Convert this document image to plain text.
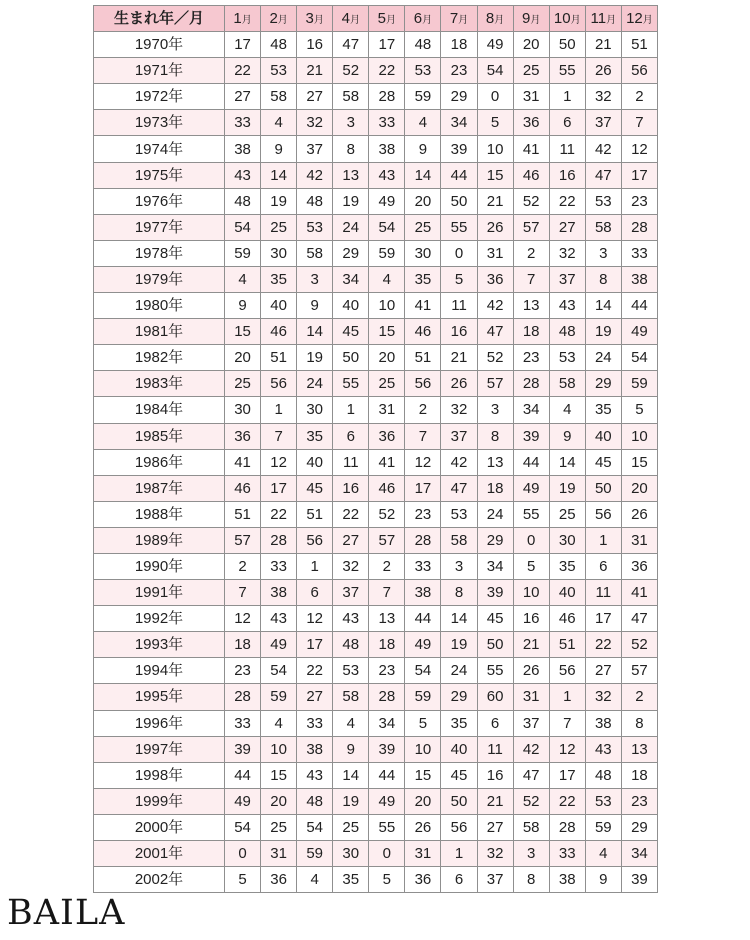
生まれ年／月	1月	2月	3月	4月	5月	6月	7月	8月	9月	10月	11月	12月
1970年	17	48	16	47	17	48	18	49	20	50	21	51
1971年	22	53	21	52	22	53	23	54	25	55	26	56
1972年	27	58	27	58	28	59	29	0	31	1	32	2
1973年	33	4	32	3	33	4	34	5	36	6	37	7
1974年	38	9	37	8	38	9	39	10	41	11	42	12
1975年	43	14	42	13	43	14	44	15	46	16	47	17
1976年	48	19	48	19	49	20	50	21	52	22	53	23
1977年	54	25	53	24	54	25	55	26	57	27	58	28
1978年	59	30	58	29	59	30	0	31	2	32	3	33
1979年	4	35	3	34	4	35	5	36	7	37	8	38
1980年	9	40	9	40	10	41	11	42	13	43	14	44
1981年	15	46	14	45	15	46	16	47	18	48	19	49
1982年	20	51	19	50	20	51	21	52	23	53	24	54
1983年	25	56	24	55	25	56	26	57	28	58	29	59
1984年	30	1	30	1	31	2	32	3	34	4	35	5
1985年	36	7	35	6	36	7	37	8	39	9	40	10
1986年	41	12	40	11	41	12	42	13	44	14	45	15
1987年	46	17	45	16	46	17	47	18	49	19	50	20
1988年	51	22	51	22	52	23	53	24	55	25	56	26
1989年	57	28	56	27	57	28	58	29	0	30	1	31
1990年	2	33	1	32	2	33	3	34	5	35	6	36
1991年	7	38	6	37	7	38	8	39	10	40	11	41
1992年	12	43	12	43	13	44	14	45	16	46	17	47
1993年	18	49	17	48	18	49	19	50	21	51	22	52
1994年	23	54	22	53	23	54	24	55	26	56	27	57
1995年	28	59	27	58	28	59	29	60	31	1	32	2
1996年	33	4	33	4	34	5	35	6	37	7	38	8
1997年	39	10	38	9	39	10	40	11	42	12	43	13
1998年	44	15	43	14	44	15	45	16	47	17	48	18
1999年	49	20	48	19	49	20	50	21	52	22	53	23
2000年	54	25	54	25	55	26	56	27	58	28	59	29
2001年	0	31	59	30	0	31	1	32	3	33	4	34
2002年	5	36	4	35	5	36	6	37	8	38	9	39
BAILA
